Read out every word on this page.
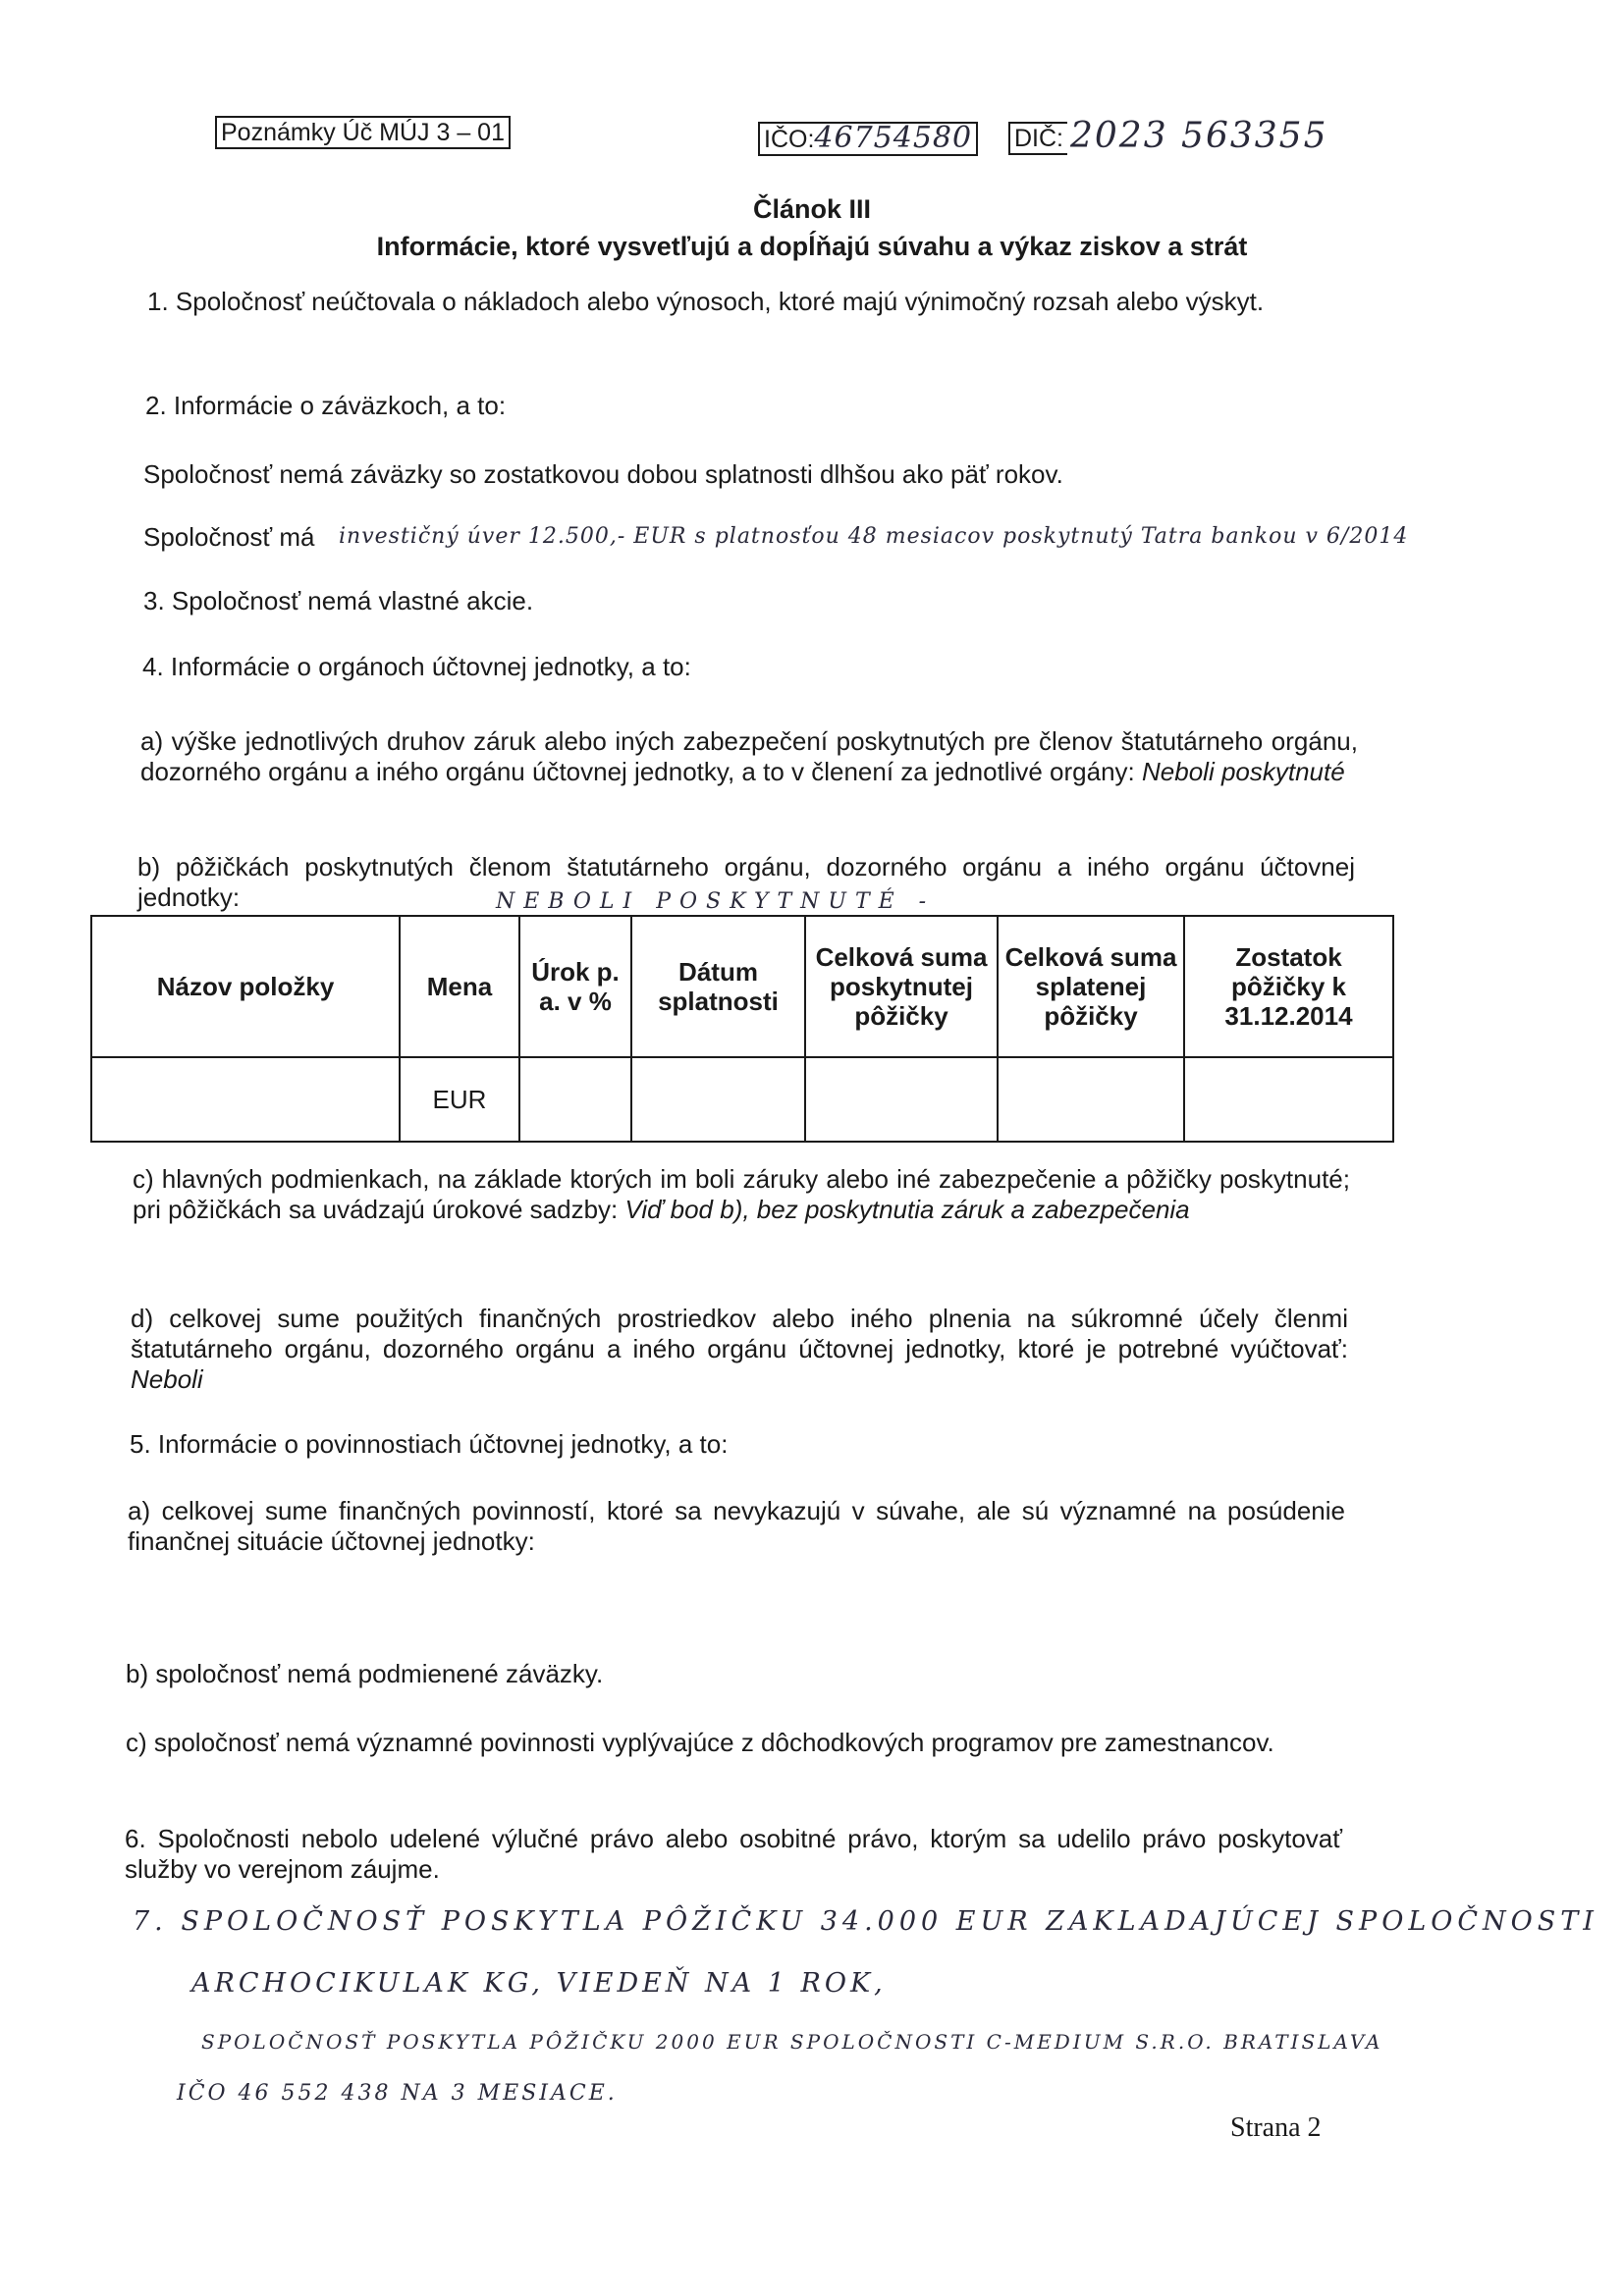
Poznámky Úč MÚJ 3 – 01	IČO:46754580 DIČ: 2023 563355
Článok III
Informácie, ktoré vysvetľujú a dopĺňajú súvahu a výkaz ziskov a strát
1. Spoločnosť neúčtovala o nákladoch alebo výnosoch, ktoré majú výnimočný rozsah alebo výskyt.
2. Informácie o záväzkoch, a to:
Spoločnosť nemá záväzky so zostatkovou dobou splatnosti dlhšou ako päť rokov.
Spoločnosť má investičný úver 12.500,- EUR s platnosťou 48 mesiacov poskytnutý Tatra bankou v 6/2014
3. Spoločnosť nemá vlastné akcie.
4. Informácie o orgánoch účtovnej jednotky, a to:
a) výške jednotlivých druhov záruk alebo iných zabezpečení poskytnutých pre členov štatutárneho orgánu, dozorného orgánu a iného orgánu účtovnej jednotky, a to v členení za jednotlivé orgány: Neboli poskytnuté
b) pôžičkách poskytnutých členom štatutárneho orgánu, dozorného orgánu a iného orgánu účtovnej jednotky:	NEBOLI POSKYTNUTÉ -
Názov položky	Mena	Úrok p. a. v %	Dátum splatnosti	Celková suma poskytnutej pôžičky	Celková suma splatenej pôžičky	Zostatok pôžičky k 31.12.2014
	EUR					
c) hlavných podmienkach, na základe ktorých im boli záruky alebo iné zabezpečenie a pôžičky poskytnuté; pri pôžičkách sa uvádzajú úrokové sadzby: Viď bod b), bez poskytnutia záruk a zabezpečenia
d) celkovej sume použitých finančných prostriedkov alebo iného plnenia na súkromné účely členmi štatutárneho orgánu, dozorného orgánu a iného orgánu účtovnej jednotky, ktoré je potrebné vyúčtovať: Neboli
5. Informácie o povinnostiach účtovnej jednotky, a to:
a) celkovej sume finančných povinností, ktoré sa nevykazujú v súvahe, ale sú významné na posúdenie finančnej situácie účtovnej jednotky:
b) spoločnosť nemá podmienené záväzky.
c) spoločnosť nemá významné povinnosti vyplývajúce z dôchodkových programov pre zamestnancov.
6. Spoločnosti nebolo udelené výlučné právo alebo osobitné právo, ktorým sa udelilo právo poskytovať služby vo verejnom záujme.
7. SPOLOČNOSŤ POSKYTLA PÔŽIČKU 34.000 EUR ZAKLADAJÚCEJ SPOLOČNOSTI
ARCHOCIKULAK KG, VIEDEŇ NA 1 ROK,
SPOLOČNOSŤ POSKYTLA PÔŽIČKU 2000 EUR SPOLOČNOSTI C-MEDIUM S.R.O. BRATISLAVA
IČO 46 552 438 NA 3 MESIACE.
Strana 2
